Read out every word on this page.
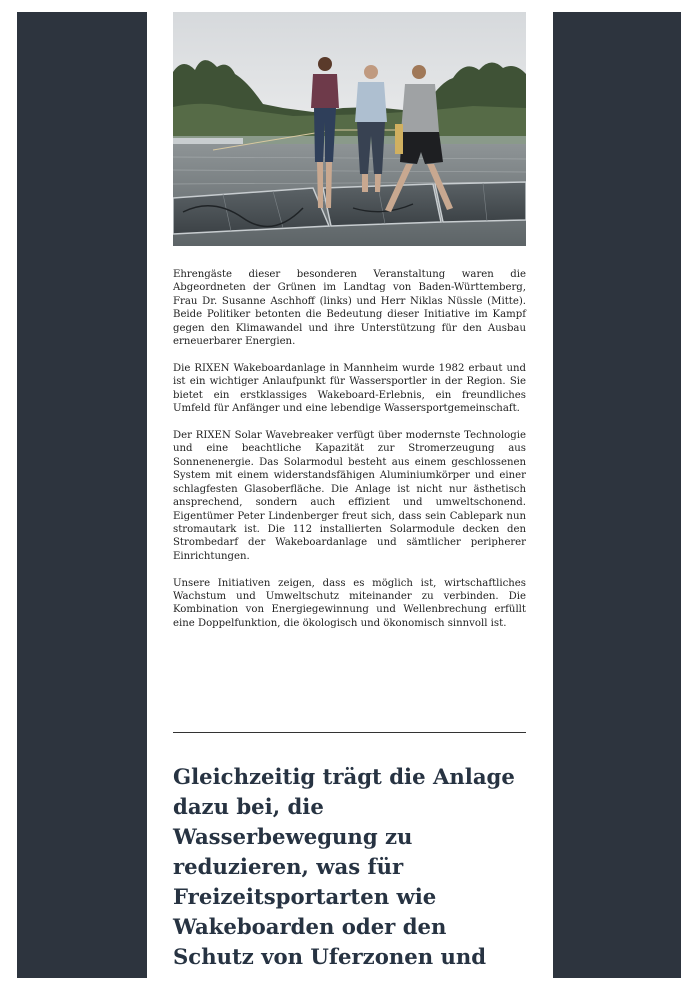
Ehrengäste dieser besonderen Veranstaltung waren die Abgeordneten der Grünen im Landtag von Baden-Württemberg, Frau Dr. Susanne Aschhoff (links) und Herr Niklas Nüssle (Mitte). Beide Politiker betonten die Bedeutung dieser Initiative im Kampf gegen den Klimawandel und ihre Unterstützung für den Ausbau erneuerbarer Energien.

Die RIXEN Wakeboardanlage in Mannheim wurde 1982 erbaut und ist ein wichtiger Anlaufpunkt für Wassersportler in der Region. Sie bietet ein erstklassiges Wakeboard-Erlebnis, ein freundliches Umfeld für Anfänger und eine lebendige Wassersportgemeinschaft.

Der RIXEN Solar Wavebreaker verfügt über modernste Technologie und eine beachtliche Kapazität zur Stromerzeugung aus Sonnenenergie. Das Solarmodul besteht aus einem geschlossenen System mit einem widerstandsfähigen Aluminiumkörper und einer schlagfesten Glasoberfläche. Die Anlage ist nicht nur ästhetisch ansprechend, sondern auch effizient und umweltschonend. Eigentümer Peter Lindenberger freut sich, dass sein Cablepark nun stromautark ist. Die 112 installierten Solarmodule decken den Strombedarf der Wakeboardanlage und sämtlicher peripherer Einrichtungen.

Unsere Initiativen zeigen, dass es möglich ist, wirtschaftliches Wachstum und Umweltschutz miteinander zu verbinden. Die Kombination von Energiegewinnung und Wellenbrechung erfüllt eine Doppelfunktion, die ökologisch und ökonomisch sinnvoll ist.

Gleichzeitig trägt die Anlage dazu bei, die Wasserbewegung zu reduzieren, was für Freizeitsportarten wie Wakeboarden oder den Schutz von Uferzonen und
